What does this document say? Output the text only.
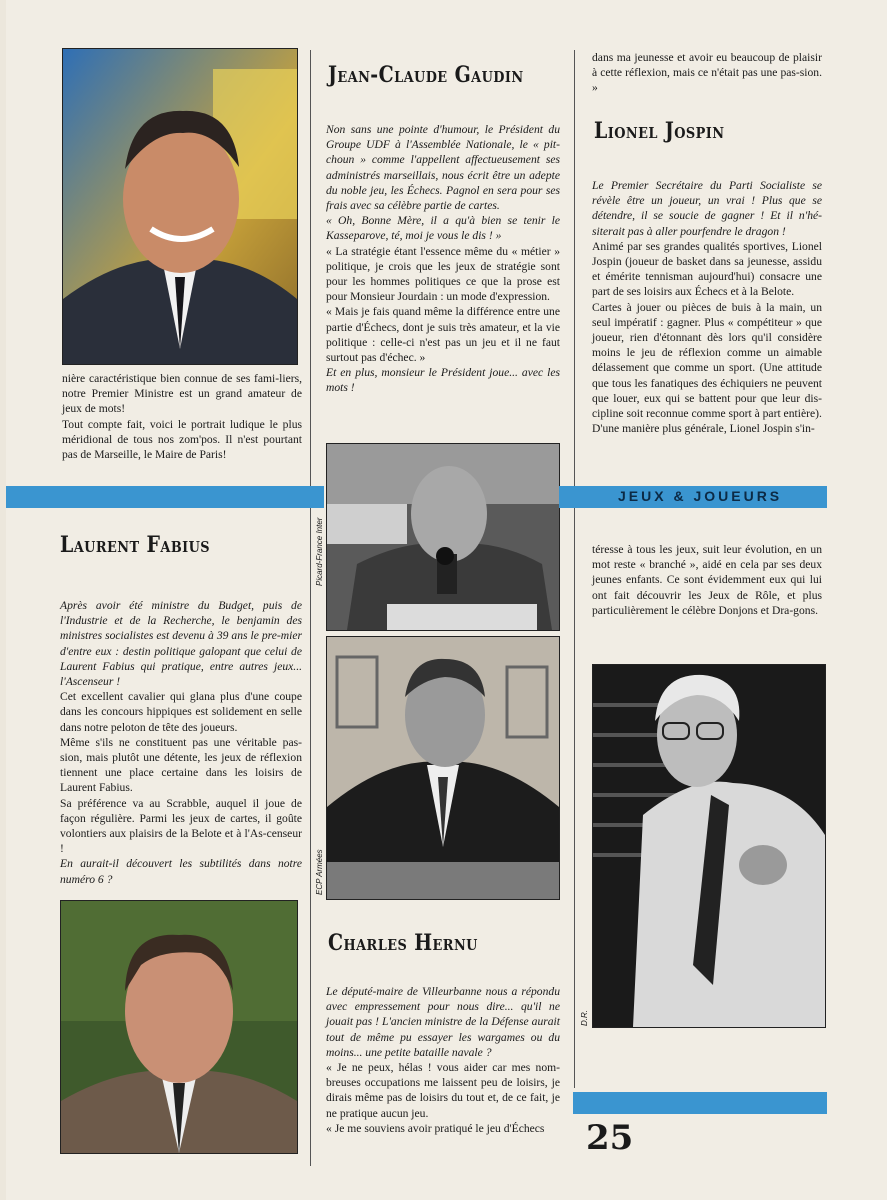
nière caractéristique bien connue de ses fami-liers, notre Premier Ministre est un grand amateur de jeux de mots!

Tout compte fait, voici le portrait ludique le plus méridional de tous nos zom'pos. Il n'est pourtant pas de Marseille, le Maire de Paris!

Laurent Fabius

Après avoir été ministre du Budget, puis de l'Industrie et de la Recherche, le benjamin des ministres socialistes est devenu à 39 ans le pre-mier d'entre eux : destin politique galopant que celui de Laurent Fabius qui pratique, entre autres jeux... l'Ascenseur !

Cet excellent cavalier qui glana plus d'une coupe dans les concours hippiques est solidement en selle dans notre peloton de tête des joueurs.

Même s'ils ne constituent pas une véritable pas-sion, mais plutôt une détente, les jeux de réflexion tiennent une place certaine dans les loisirs de Laurent Fabius.

Sa préférence va au Scrabble, auquel il joue de façon régulière. Parmi les jeux de cartes, il goûte volontiers aux plaisirs de la Belote et à l'As-censeur !

En aurait-il découvert les subtilités dans notre numéro 6 ?

Jean-Claude Gaudin

Non sans une pointe d'humour, le Président du Groupe UDF à l'Assemblée Nationale, le « pit-choun » comme l'appellent affectueusement ses administrés marseillais, nous écrit être un adepte du noble jeu, les Échecs. Pagnol en sera pour ses frais avec sa célèbre partie de cartes.

« Oh, Bonne Mère, il a qu'à bien se tenir le Kasseparove, té, moi je vous le dis ! »

« La stratégie étant l'essence même du « métier » politique, je crois que les jeux de stratégie sont pour les hommes politiques ce que la prose est pour Monsieur Jourdain : un mode d'expression.

« Mais je fais quand même la différence entre une partie d'Échecs, dont je suis très amateur, et la vie politique : celle-ci n'est pas un jeu et il ne faut surtout pas d'échec. »

Et en plus, monsieur le Président joue... avec les mots !

Picard-France Inter
ECP Armées
Charles Hernu

Le député-maire de Villeurbanne nous a répondu avec empressement pour nous dire... qu'il ne jouait pas ! L'ancien ministre de la Défense aurait tout de même pu essayer les wargames ou du moins... une petite bataille navale ?

« Je ne peux, hélas ! vous aider car mes nom-breuses occupations me laissent peu de loisirs, je dirais même pas de loisirs du tout et, de ce fait, je ne pratique aucun jeu.

« Je me souviens avoir pratiqué le jeu d'Échecs

dans ma jeunesse et avoir eu beaucoup de plaisir à cette réflexion, mais ce n'était pas une pas-sion. »

Lionel Jospin

Le Premier Secrétaire du Parti Socialiste se révèle être un joueur, un vrai ! Plus que se détendre, il se soucie de gagner ! Et il n'hé-siterait pas à aller pourfendre le dragon !

Animé par ses grandes qualités sportives, Lionel Jospin (joueur de basket dans sa jeunesse, assidu et émérite tennisman aujourd'hui) consacre une part de ses loisirs aux Échecs et à la Belote.

Cartes à jouer ou pièces de buis à la main, un seul impératif : gagner. Plus « compétiteur » que joueur, rien d'étonnant dès lors qu'il considère moins le jeu de réflexion comme un aimable délassement que comme un sport. (Une attitude que tous les fanatiques des échiquiers ne peuvent que louer, eux qui se battent pour que leur dis-cipline soit reconnue comme sport à part entière).

D'une manière plus générale, Lionel Jospin s'in-

téresse à tous les jeux, suit leur évolution, en un mot reste « branché », aidé en cela par ses deux jeunes enfants. Ce sont évidemment eux qui lui ont fait découvrir les Jeux de Rôle, et plus particulièrement le célèbre Donjons et Dra-gons.

D.R.
JEUX & JOUEURS
25
